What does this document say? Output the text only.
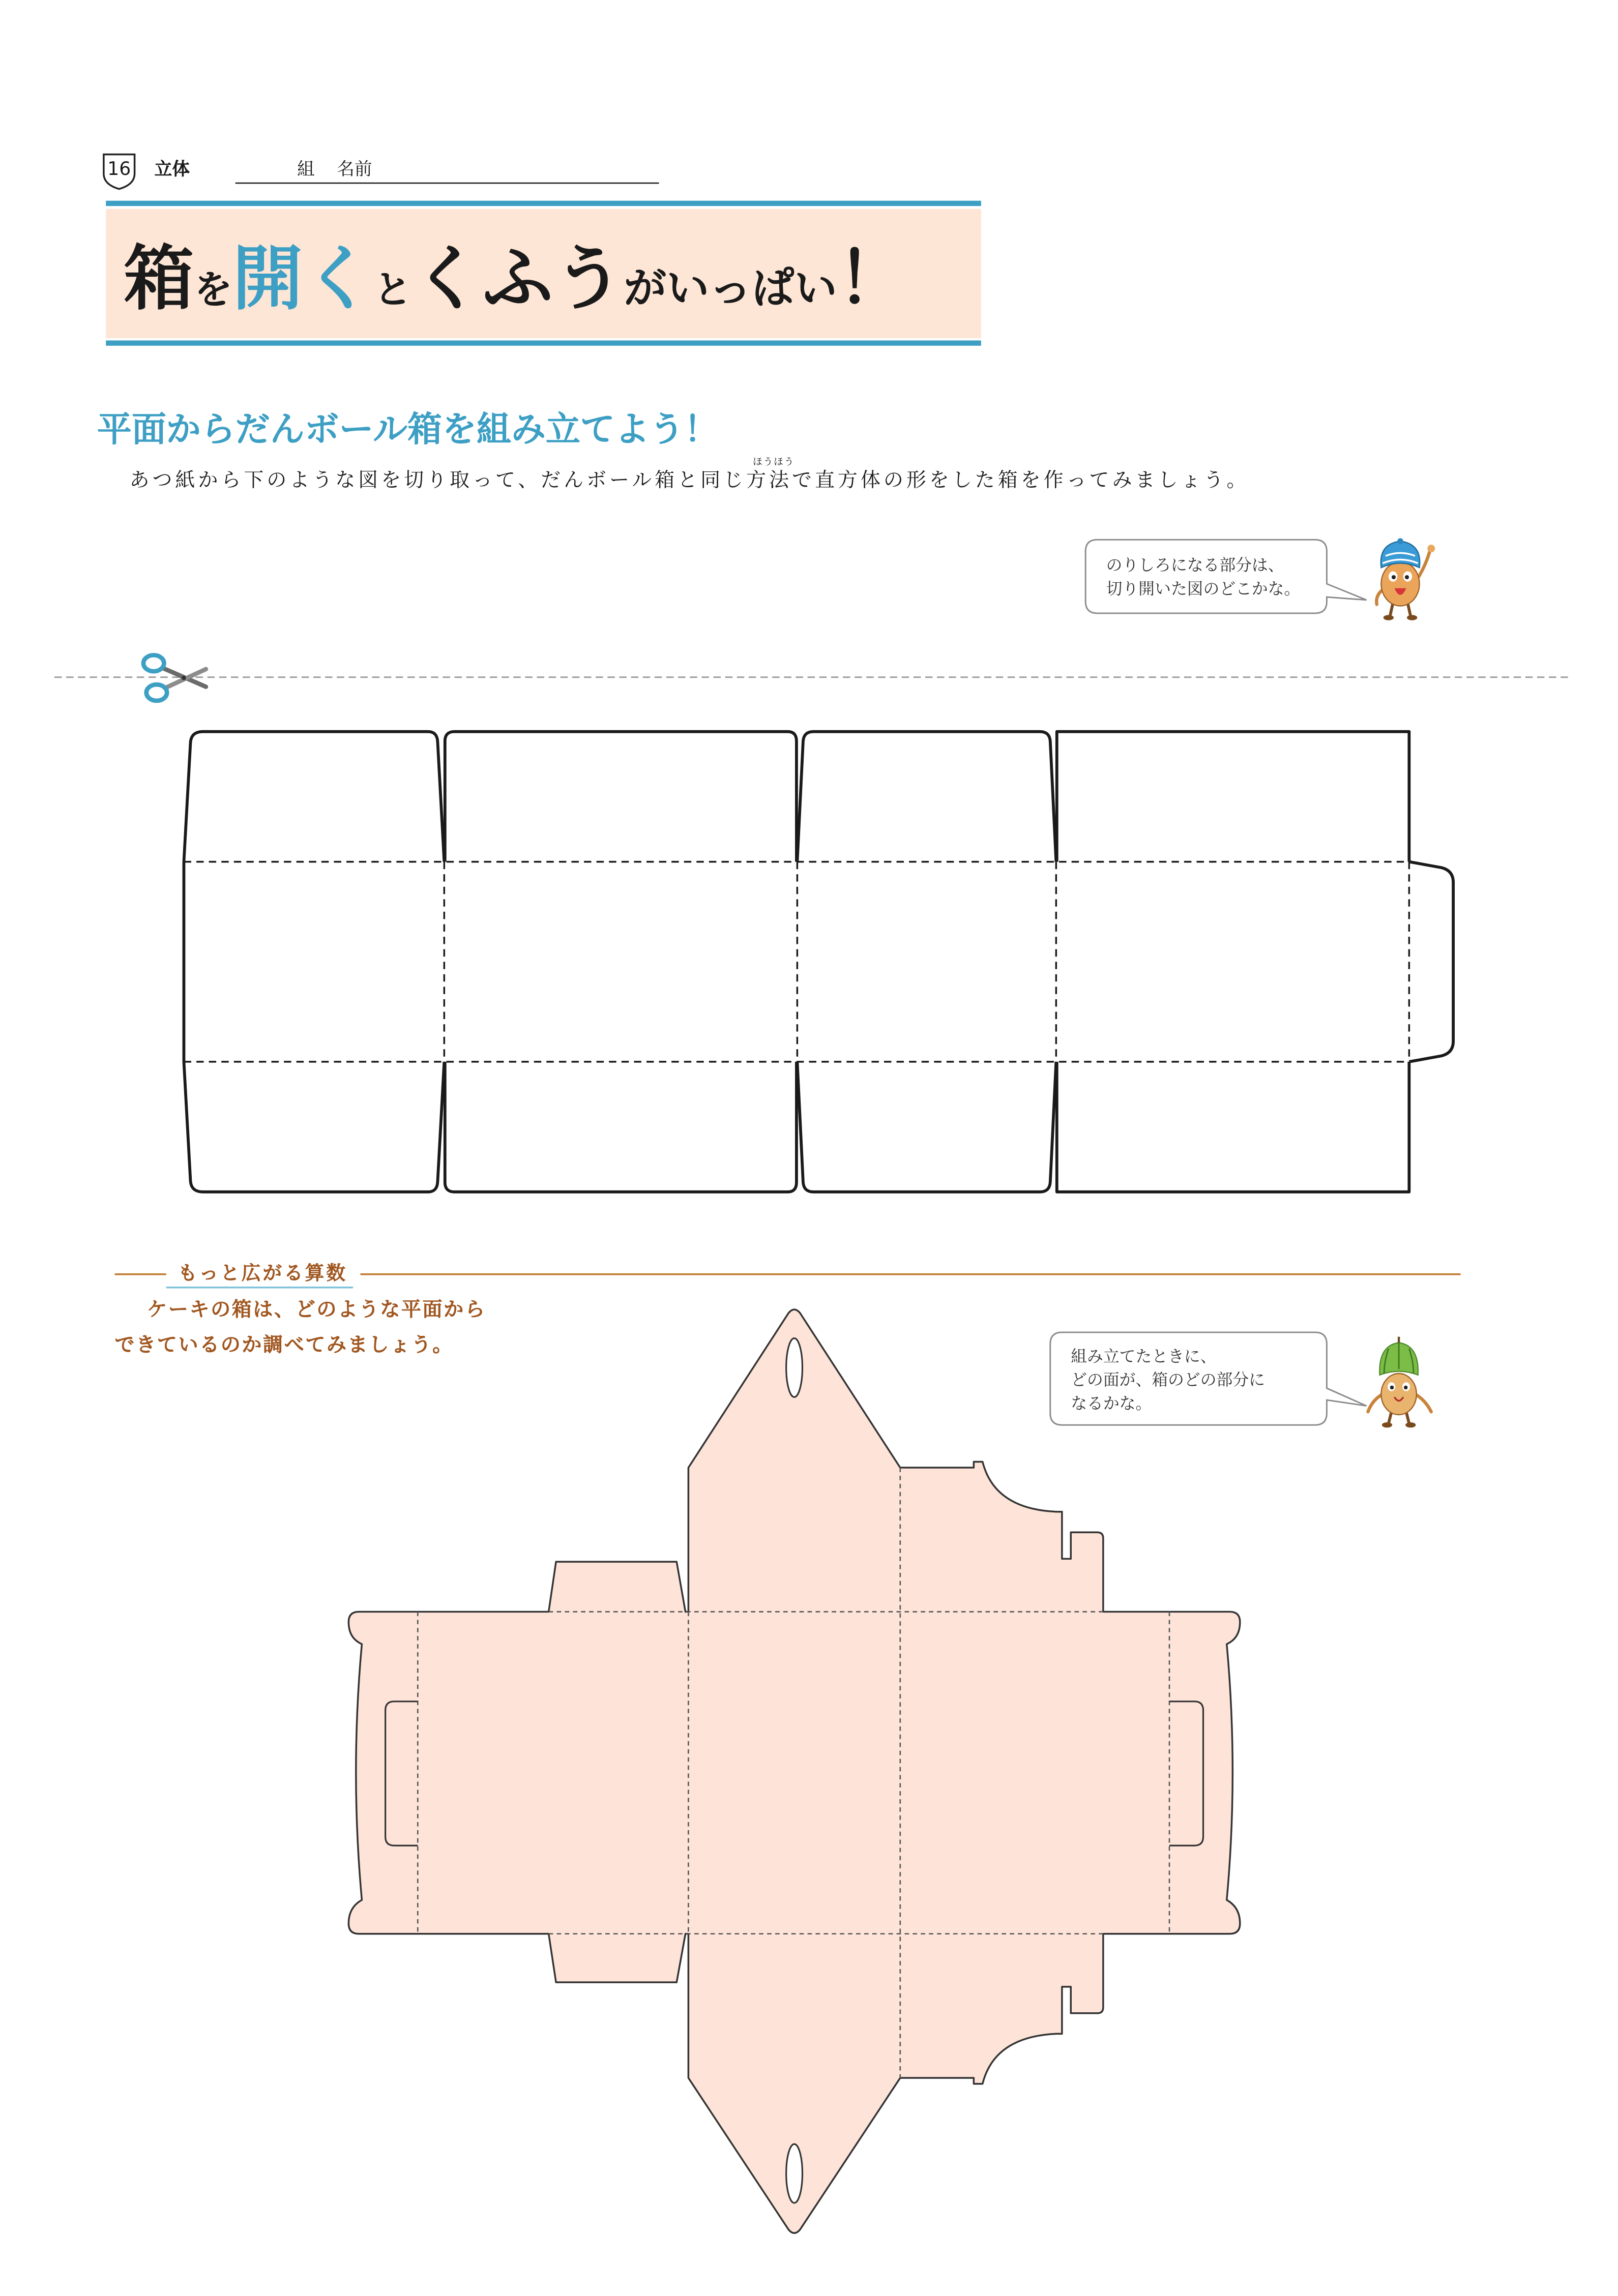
16	立体	組	名前
箱 を 開く と くふう がいっぱい ！
平面からだんボール箱を組み立てよう！
ほうほう
あつ紙から下のような図を切り取って、だんボール箱と同じ方法で直方体の形をした箱を作ってみましょう。
のりしろになる部分は、
切り開いた図のどこかな。
もっと広がる算数
ケーキの箱は、どのような平面から
できているのか調べてみましょう。	組み立てたときに、
どの面が、箱のどの部分に
なるかな。
